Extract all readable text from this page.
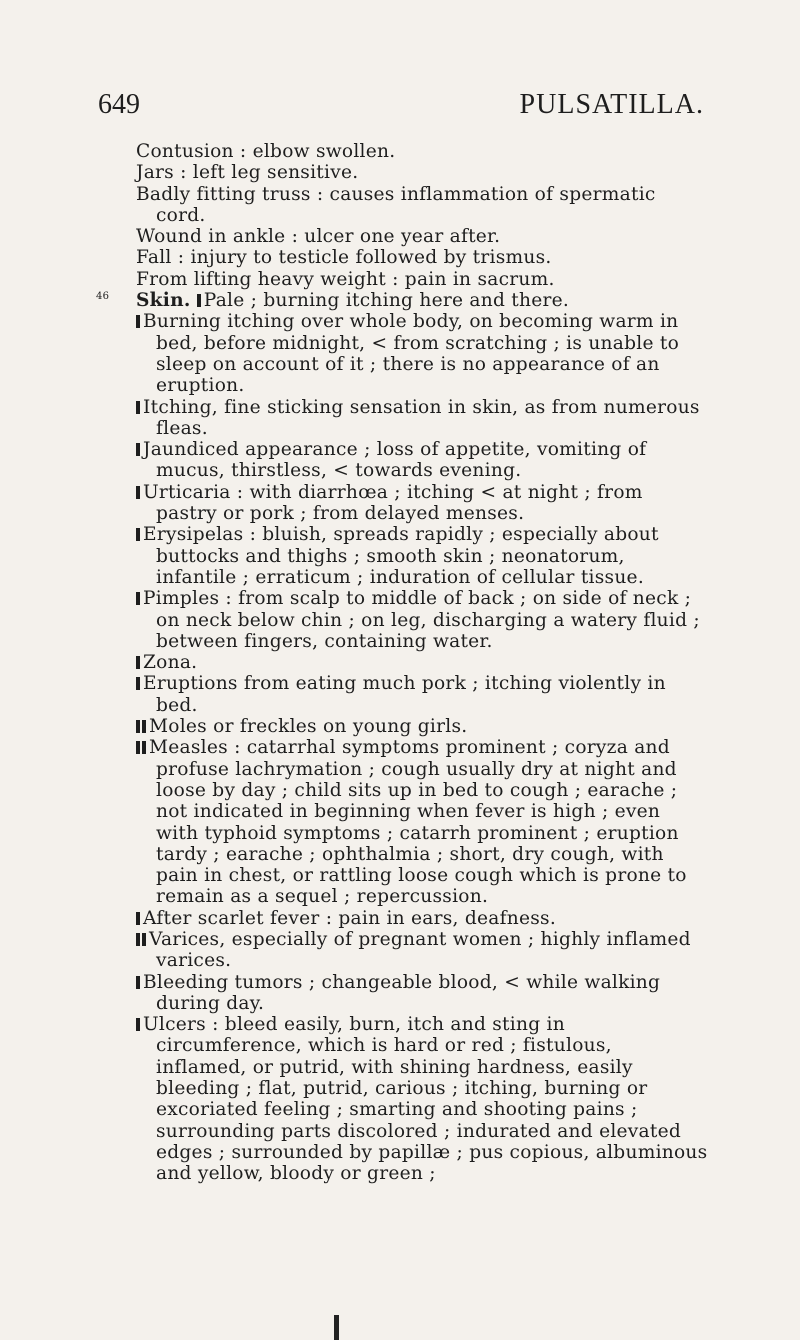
649	PULSATILLA.

Contusion : elbow swollen.

Jars : left leg sensitive.

Badly fitting truss : causes inflammation of spermatic cord.

Wound in ankle : ulcer one year after.

Fall : injury to testicle followed by trismus.

From lifting heavy weight : pain in sacrum.

46	Skin. Pale ; burning itching here and there.

Burning itching over whole body, on becoming warm in bed, before midnight, < from scratching ; is unable to sleep on account of it ; there is no appearance of an eruption.

Itching, fine sticking sensation in skin, as from numerous fleas.

Jaundiced appearance ; loss of appetite, vomiting of mucus, thirstless, < towards evening.

Urticaria : with diarrhœa ; itching < at night ; from pastry or pork ; from delayed menses.

Erysipelas : bluish, spreads rapidly ; especially about buttocks and thighs ; smooth skin ; neonatorum, infantile ; erraticum ; induration of cellular tissue.

Pimples : from scalp to middle of back ; on side of neck ; on neck below chin ; on leg, discharging a watery fluid ; between fingers, containing water.

Zona.

Eruptions from eating much pork ; itching violently in bed.

Moles or freckles on young girls.

Measles : catarrhal symptoms prominent ; coryza and profuse lachrymation ; cough usually dry at night and loose by day ; child sits up in bed to cough ; earache ; not indicated in beginning when fever is high ; even with typhoid symptoms ; catarrh prominent ; eruption tardy ; earache ; ophthalmia ; short, dry cough, with pain in chest, or rattling loose cough which is prone to remain as a sequel ; repercussion.

After scarlet fever : pain in ears, deafness.

Varices, especially of pregnant women ; highly inflamed varices.

Bleeding tumors ; changeable blood, < while walking during day.

Ulcers : bleed easily, burn, itch and sting in circumference, which is hard or red ; fistulous, inflamed, or putrid, with shining hardness, easily bleeding ; flat, putrid, carious ; itching, burning or excoriated feeling ; smarting and shooting pains ; surrounding parts discolored ; indurated and elevated edges ; surrounded by papillæ ; pus copious, albuminous and yellow, bloody or green ;
